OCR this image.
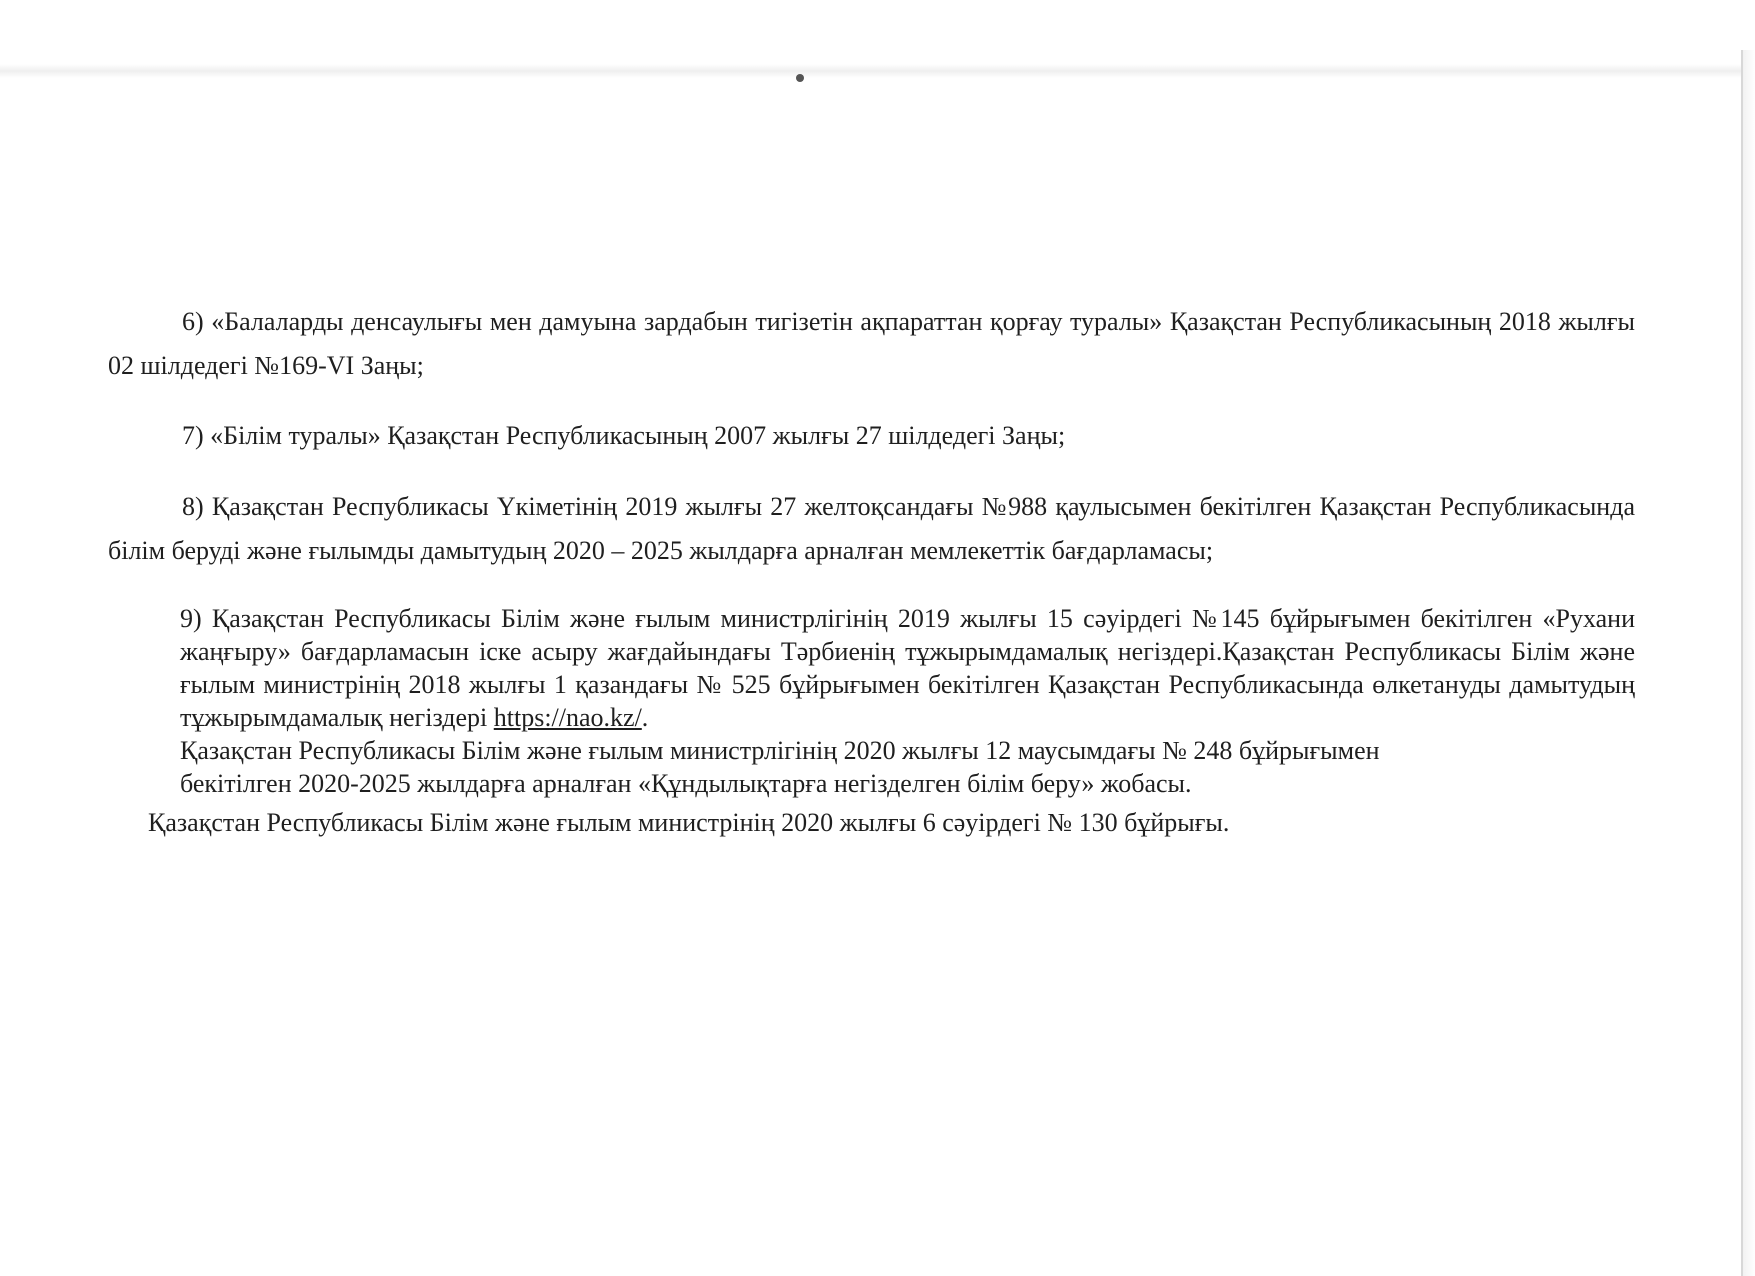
6) «Балаларды денсаулығы мен дамуына зардабын тигізетін ақпараттан қорғау туралы» Қазақстан Республикасының 2018 жылғы 02 шілдедегі №169-VI Заңы;

7) «Білім туралы» Қазақстан Республикасының 2007 жылғы 27 шілдедегі Заңы;

8) Қазақстан Республикасы Үкіметінің 2019 жылғы 27 желтоқсандағы №988 қаулысымен бекітілген Қазақстан Республикасында білім беруді және ғылымды дамытудың 2020 – 2025 жылдарға арналған мемлекеттік бағдарламасы;

9) Қазақстан Республикасы Білім және ғылым министрлігінің 2019 жылғы 15 сәуірдегі №145 бұйрығымен бекітілген «Рухани жаңғыру» бағдарламасын іске асыру жағдайындағы Тәрбиенің тұжырымдамалық негіздері.Қазақстан Республикасы Білім және ғылым министрінің 2018 жылғы 1 қазандағы № 525 бұйрығымен бекітілген Қазақстан Республикасында өлкетануды дамытудың тұжырымдамалық негіздері https://nao.kz/.

Қазақстан Республикасы Білім және ғылым министрлігінің 2020 жылғы 12 маусымдағы № 248 бұйрығымен

бекітілген 2020-2025 жылдарға арналған «Құндылықтарға негізделген білім беру» жобасы.

Қазақстан Республикасы Білім және ғылым министрінің 2020 жылғы 6 сәуірдегі № 130 бұйрығы.
